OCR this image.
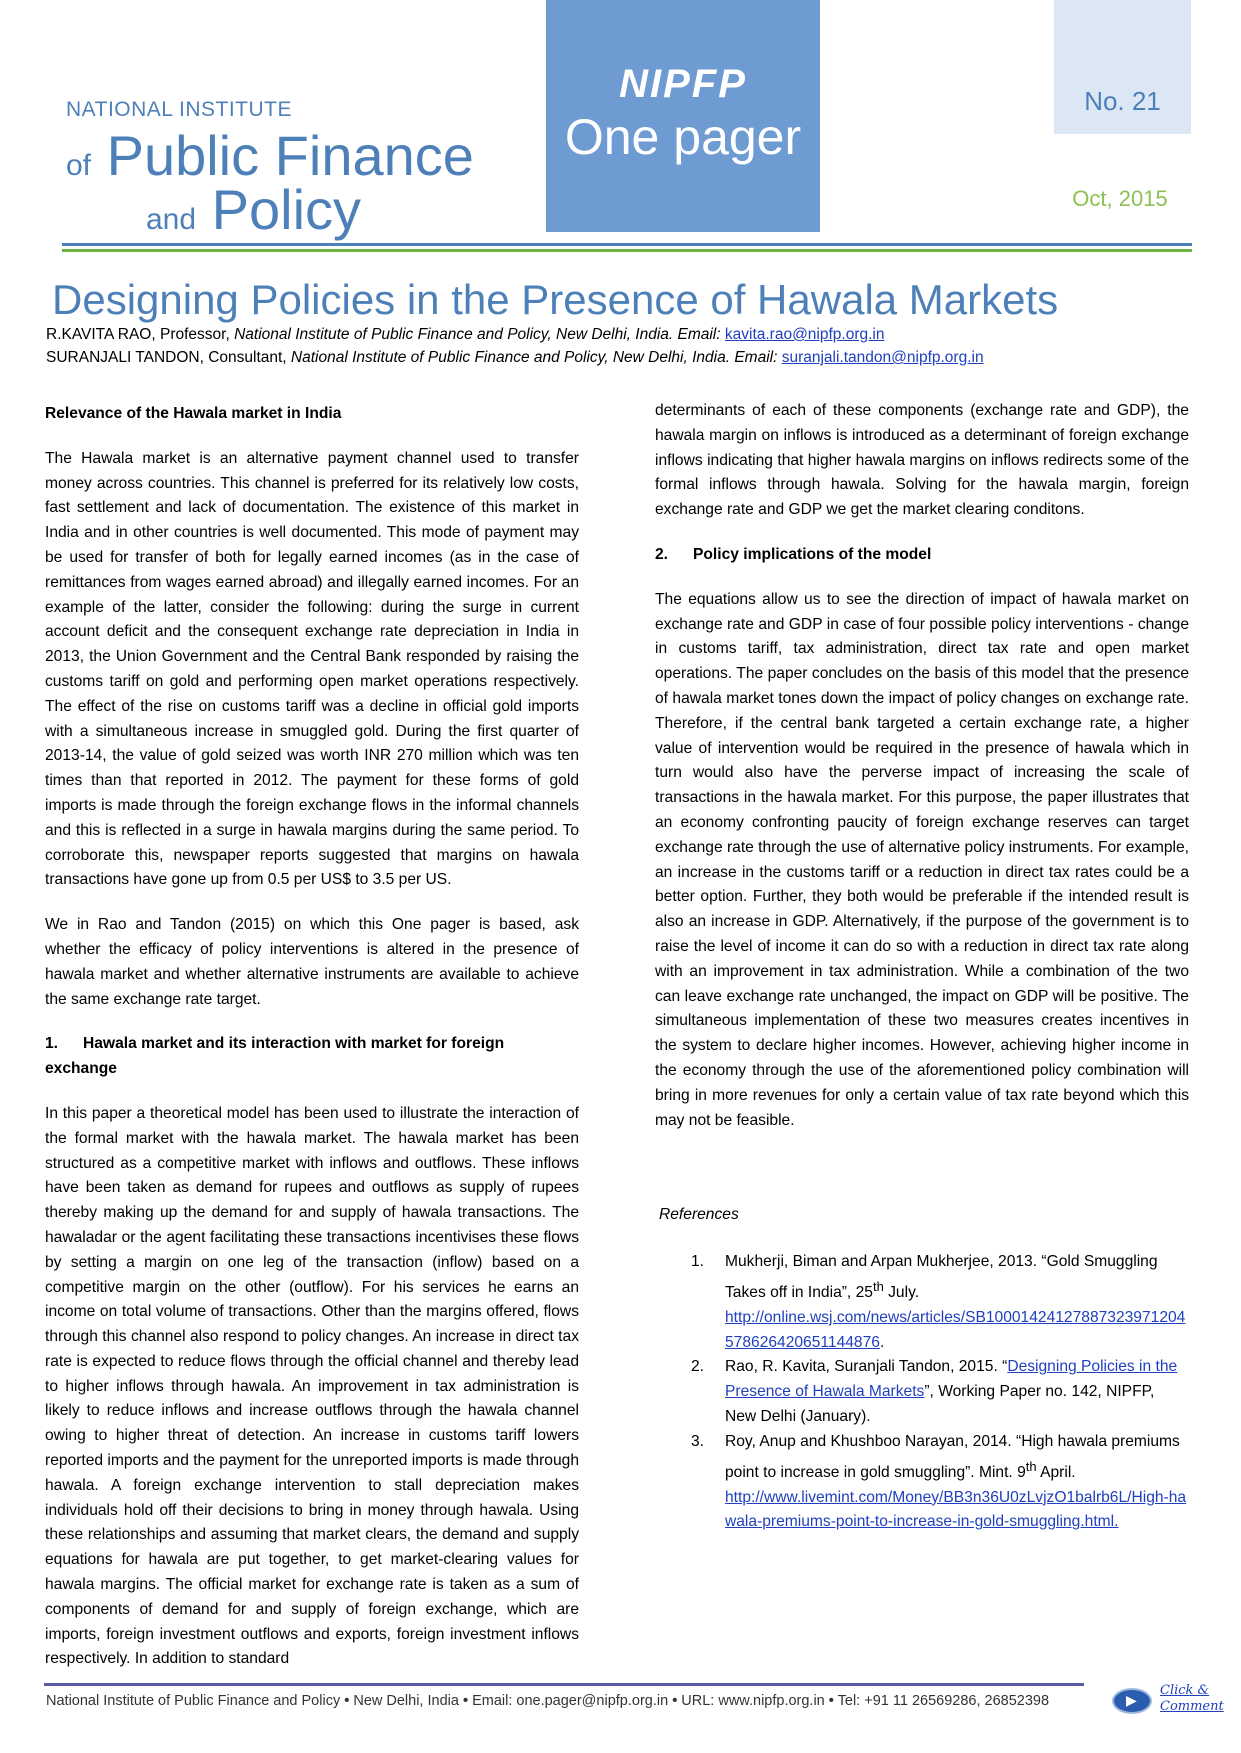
NATIONAL INSTITUTE
of Public Finance
and Policy
NIPFP
One pager
No. 21
Oct, 2015
Designing Policies in the Presence of Hawala Markets
R.KAVITA RAO, Professor, National Institute of Public Finance and Policy, New Delhi, India. Email: kavita.rao@nipfp.org.in
SURANJALI TANDON, Consultant, National Institute of Public Finance and Policy, New Delhi, India. Email: suranjali.tandon@nipfp.org.in
Relevance of the Hawala market in India

The Hawala market is an alternative payment channel used to transfer money across countries. This channel is preferred for its relatively low costs, fast settlement and lack of documentation. The existence of this market in India and in other countries is well documented. This mode of payment may be used for transfer of both for legally earned incomes (as in the case of remittances from wages earned abroad) and illegally earned incomes. For an example of the latter, consider the following: during the surge in current account deficit and the consequent exchange rate depreciation in India in 2013, the Union Government and the Central Bank responded by raising the customs tariff on gold and performing open market operations respectively. The effect of the rise on customs tariff was a decline in official gold imports with a simultaneous increase in smuggled gold. During the first quarter of 2013-14, the value of gold seized was worth INR 270 million which was ten times than that reported in 2012. The payment for these forms of gold imports is made through the foreign exchange flows in the informal channels and this is reflected in a surge in hawala margins during the same period. To corroborate this, newspaper reports suggested that margins on hawala transactions have gone up from 0.5 per US$ to 3.5 per US.

We in Rao and Tandon (2015) on which this One pager is based, ask whether the efficacy of policy interventions is altered in the presence of hawala market and whether alternative instruments are available to achieve the same exchange rate target.

1. Hawala market and its interaction with market for foreign exchange

In this paper a theoretical model has been used to illustrate the interaction of the formal market with the hawala market. The hawala market has been structured as a competitive market with inflows and outflows. These inflows have been taken as demand for rupees and outflows as supply of rupees thereby making up the demand for and supply of hawala transactions. The hawaladar or the agent facilitating these transactions incentivises these flows by setting a margin on one leg of the transaction (inflow) based on a competitive margin on the other (outflow). For his services he earns an income on total volume of transactions. Other than the margins offered, flows through this channel also respond to policy changes. An increase in direct tax rate is expected to reduce flows through the official channel and thereby lead to higher inflows through hawala. An improvement in tax administration is likely to reduce inflows and increase outflows through the hawala channel owing to higher threat of detection. An increase in customs tariff lowers reported imports and the payment for the unreported imports is made through hawala. A foreign exchange intervention to stall depreciation makes individuals hold off their decisions to bring in money through hawala. Using these relationships and assuming that market clears, the demand and supply equations for hawala are put together, to get market-clearing values for hawala margins. The official market for exchange rate is taken as a sum of components of demand for and supply of foreign exchange, which are imports, foreign investment outflows and exports, foreign investment inflows respectively. In addition to standard

determinants of each of these components (exchange rate and GDP), the hawala margin on inflows is introduced as a determinant of foreign exchange inflows indicating that higher hawala margins on inflows redirects some of the formal inflows through hawala. Solving for the hawala margin, foreign exchange rate and GDP we get the market clearing conditons.

2. Policy implications of the model

The equations allow us to see the direction of impact of hawala market on exchange rate and GDP in case of four possible policy interventions - change in customs tariff, tax administration, direct tax rate and open market operations. The paper concludes on the basis of this model that the presence of hawala market tones down the impact of policy changes on exchange rate. Therefore, if the central bank targeted a certain exchange rate, a higher value of intervention would be required in the presence of hawala which in turn would also have the perverse impact of increasing the scale of transactions in the hawala market. For this purpose, the paper illustrates that an economy confronting paucity of foreign exchange reserves can target exchange rate through the use of alternative policy instruments. For example, an increase in the customs tariff or a reduction in direct tax rates could be a better option. Further, they both would be preferable if the intended result is also an increase in GDP. Alternatively, if the purpose of the government is to raise the level of income it can do so with a reduction in direct tax rate along with an improvement in tax administration. While a combination of the two can leave exchange rate unchanged, the impact on GDP will be positive. The simultaneous implementation of these two measures creates incentives in the system to declare higher incomes. However, achieving higher income in the economy through the use of the aforementioned policy combination will bring in more revenues for only a certain value of tax rate beyond which this may not be feasible.

References
1.	Mukherji, Biman and Arpan Mukherjee, 2013. “Gold Smuggling Takes off in India”, 25th July.
http://online.wsj.com/news/articles/SB10001424127887323971204578626420651144876.
2.	Rao, R. Kavita, Suranjali Tandon, 2015. “Designing Policies in the Presence of Hawala Markets”, Working Paper no. 142, NIPFP, New Delhi (January).
3.	Roy, Anup and Khushboo Narayan, 2014. “High hawala premiums point to increase in gold smuggling”. Mint. 9th April.
http://www.livemint.com/Money/BB3n36U0zLvjzO1balrb6L/High-hawala-premiums-point-to-increase-in-gold-smuggling.html.
National Institute of Public Finance and Policy • New Delhi, India • Email: one.pager@nipfp.org.in • URL: www.nipfp.org.in • Tel: +91 11 26569286, 26852398
▶
Click &
Comment
